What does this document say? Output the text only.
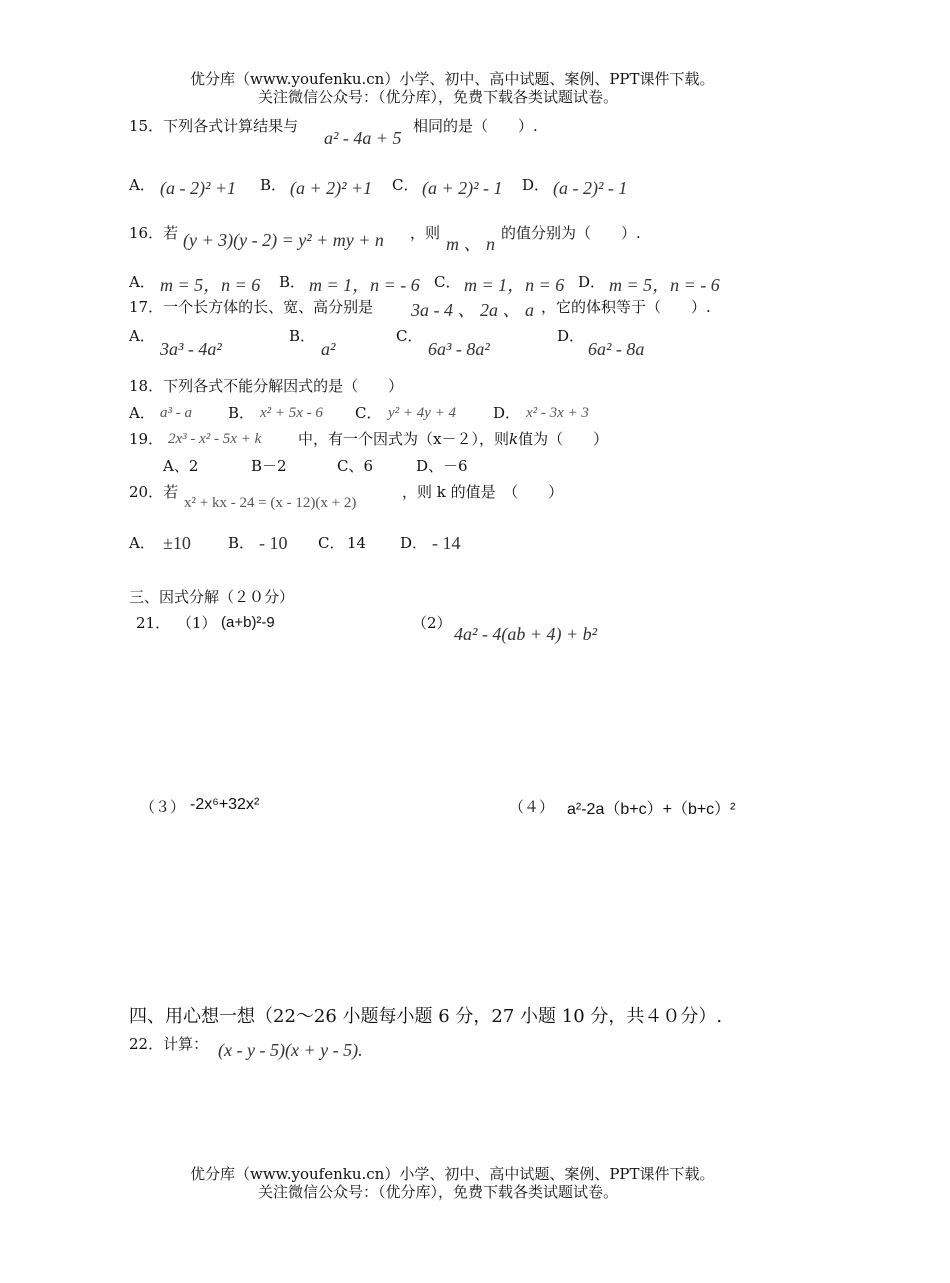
优分库（www.youfenku.cn）小学、初中、高中试题、案例、PPT课件下载。
关注微信公众号：（优分库），免费下载各类试题试卷。
15．下列各式计算结果与
a² - 4a + 5
相同的是（　　）.
A． (a - 2)² +1 B． (a + 2)² +1 C． (a + 2)² - 1 D． (a - 2)² - 1
16．若 (y + 3)(y - 2) = y² + my + n ，则
m 、 n
的值分别为（　　）.
A． m = 5，n = 6 B． m = 1，n = - 6 C． m = 1，n = 6 D． m = 5，n = - 6
17．一个长方体的长、宽、高分别是 3a - 4 、 2a 、 a ，它的体积等于（　　）.
A．
3a³ - 4a²
B．
a²
C．
6a³ - 8a²
D．
6a² - 8a
18．下列各式不能分解因式的是（　　）
A． a³ - a B． x² + 5x - 6 C． y² + 4y + 4 D． x² - 3x + 3
19． 2x³ - x² - 5x + k 中，有一个因式为（x－２），则k值为（　　）
A、2	B－2	C、6	D、－6
20．若
x² + kx - 24 = (x - 12)(x + 2)
，则 k 的值是　（　　）
A． ±10 B． - 10 C． 14 D． - 14
三、因式分解（２０分）
21． （1） (a+b)²-9	（2）
4a² - 4(ab + 4) + b²
（３） -2x⁶+32x²	（４） a²-2a（b+c）+（b+c）²
四、用心想一想（22～26 小题每小题 6 分，27 小题 10 分，共４０分）.
22．计算： (x - y - 5)(x + y - 5).
优分库（www.youfenku.cn）小学、初中、高中试题、案例、PPT课件下载。
关注微信公众号：（优分库），免费下载各类试题试卷。
